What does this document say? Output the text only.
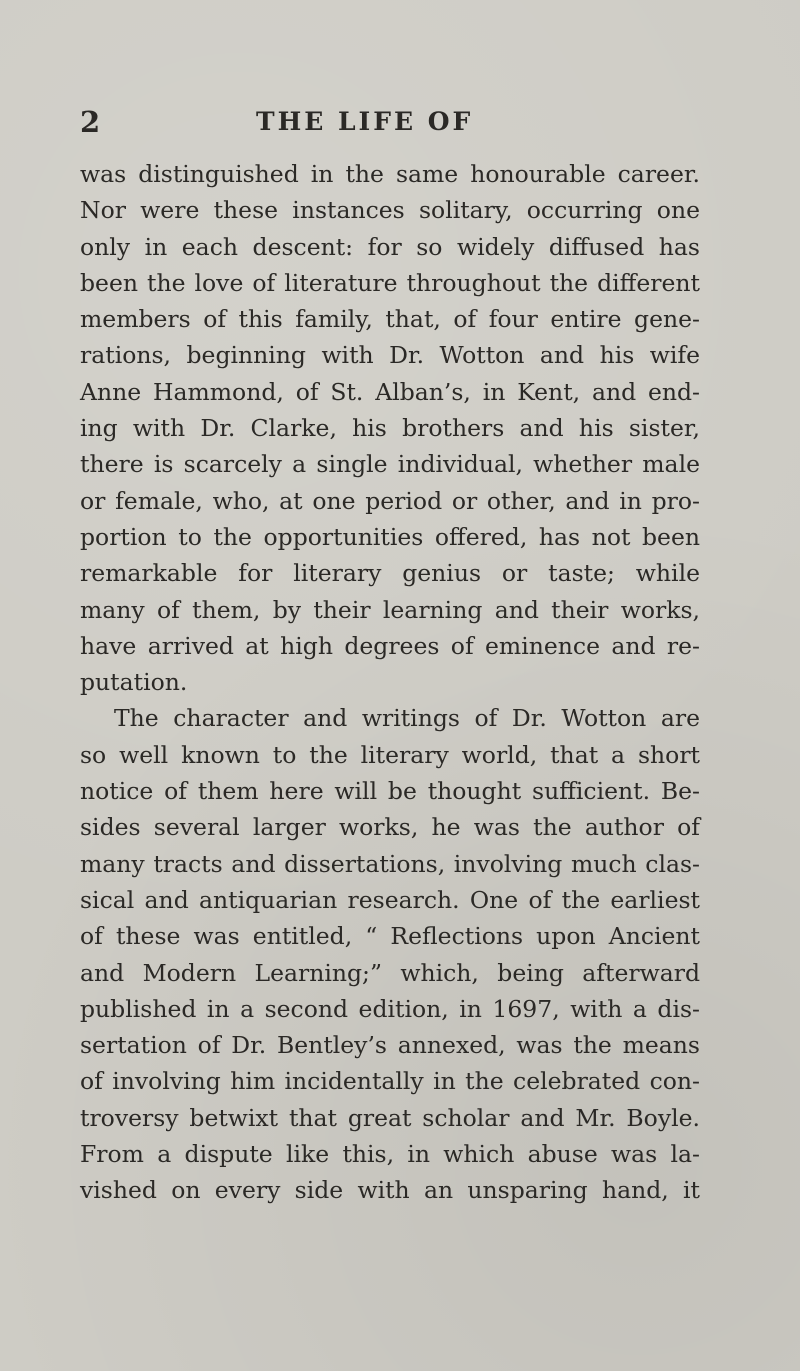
2	THE LIFE OF
was distinguished in the same honourable career.
Nor were these instances solitary, occurring one
only in each descent: for so widely diffused has
been the love of literature throughout the different
members of this family, that, of four entire gene-
rations, beginning with Dr. Wotton and his wife
Anne Hammond, of St. Alban’s, in Kent, and end-
ing with Dr. Clarke, his brothers and his sister,
there is scarcely a single individual, whether male
or female, who, at one period or other, and in pro-
portion to the opportunities offered, has not been
remarkable for literary genius or taste; while
many of them, by their learning and their works,
have arrived at high degrees of eminence and re-
putation.
The character and writings of Dr. Wotton are
so well known to the literary world, that a short
notice of them here will be thought sufficient. Be-
sides several larger works, he was the author of
many tracts and dissertations, involving much clas-
sical and antiquarian research. One of the earliest
of these was entitled, “ Reflections upon Ancient
and Modern Learning;” which, being afterward
published in a second edition, in 1697, with a dis-
sertation of Dr. Bentley’s annexed, was the means
of involving him incidentally in the celebrated con-
troversy betwixt that great scholar and Mr. Boyle.
From a dispute like this, in which abuse was la-
vished on every side with an unsparing hand, it
